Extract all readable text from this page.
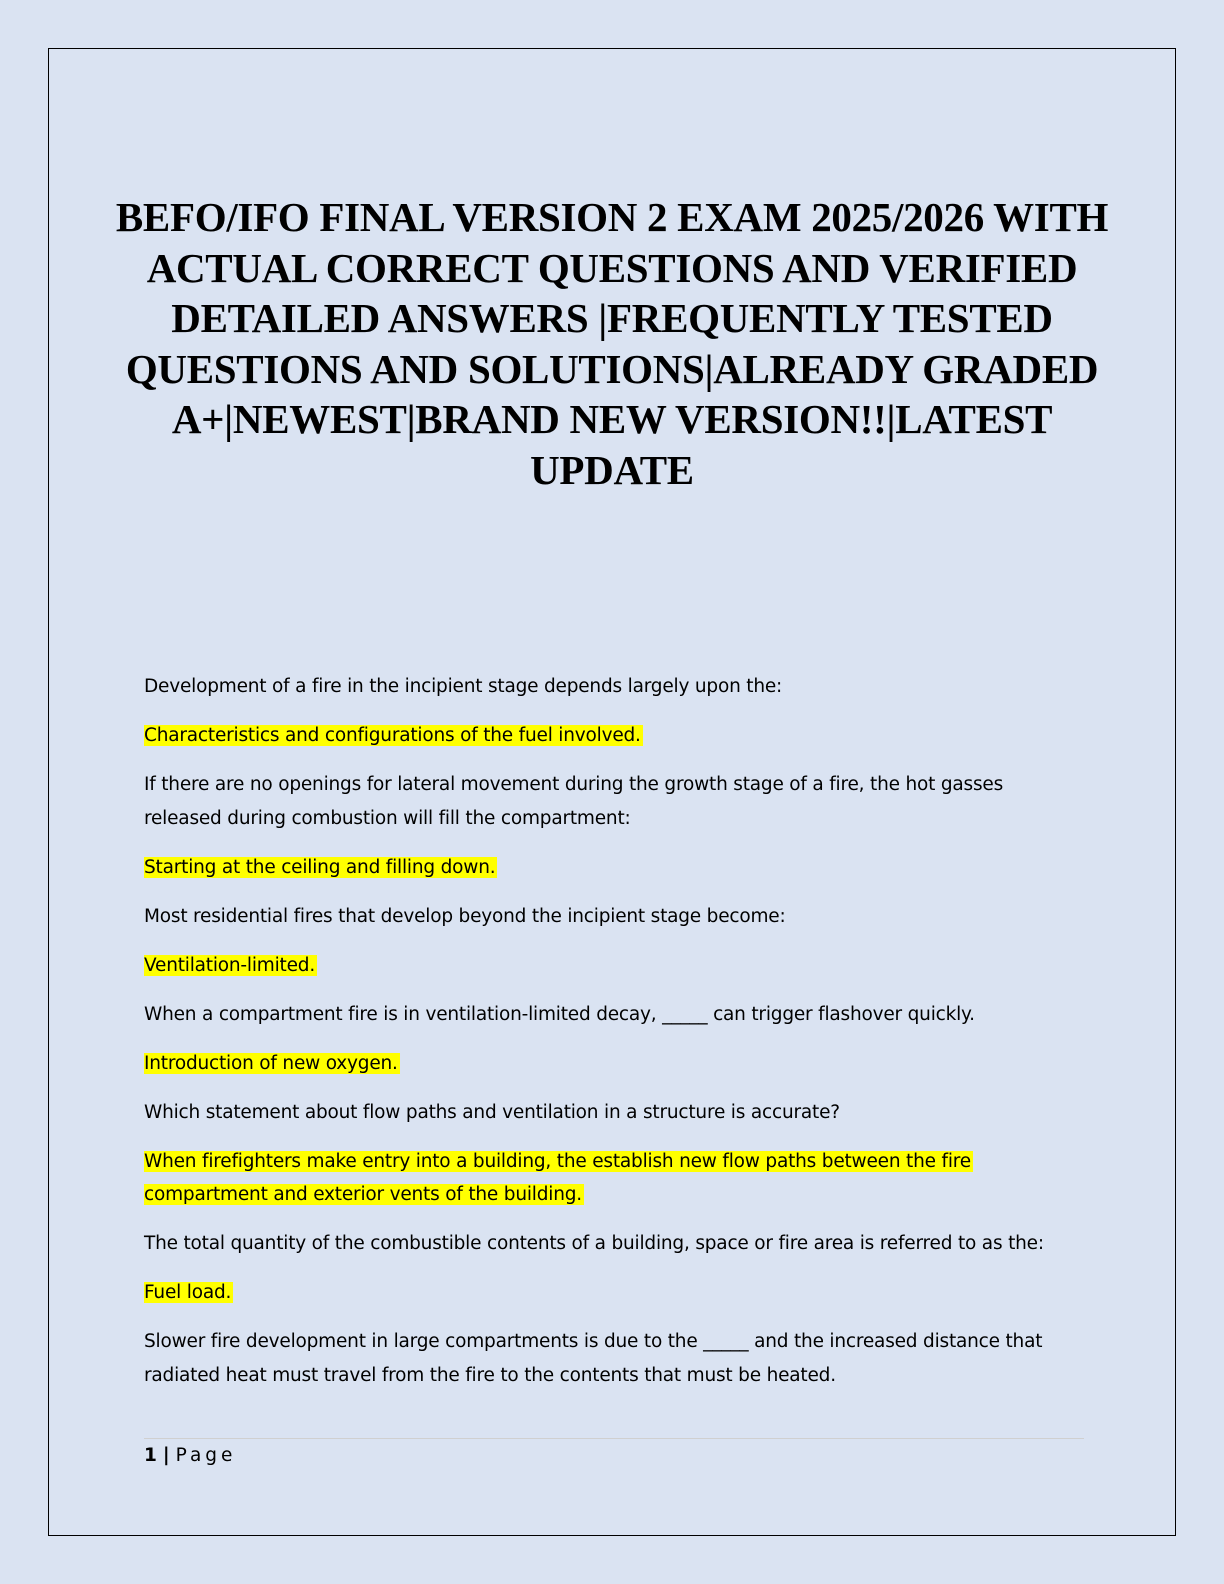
BEFO/IFO FINAL VERSION 2 EXAM 2025/2026 WITH ACTUAL CORRECT QUESTIONS AND VERIFIED DETAILED ANSWERS |FREQUENTLY TESTED QUESTIONS AND SOLUTIONS|ALREADY GRADED A+|NEWEST|BRAND NEW VERSION!!|LATEST UPDATE

Development of a fire in the incipient stage depends largely upon the:

Characteristics and configurations of the fuel involved.

If there are no openings for lateral movement during the growth stage of a fire, the hot gasses released during combustion will fill the compartment:

Starting at the ceiling and filling down.

Most residential fires that develop beyond the incipient stage become:

Ventilation-limited.

When a compartment fire is in ventilation-limited decay, _____ can trigger flashover quickly.

Introduction of new oxygen.

Which statement about flow paths and ventilation in a structure is accurate?

When firefighters make entry into a building, the establish new flow paths between the fire compartment and exterior vents of the building.

The total quantity of the combustible contents of a building, space or fire area is referred to as the:

Fuel load.

Slower fire development in large compartments is due to the _____ and the increased distance that radiated heat must travel from the fire to the contents that must be heated.

1 | Page
